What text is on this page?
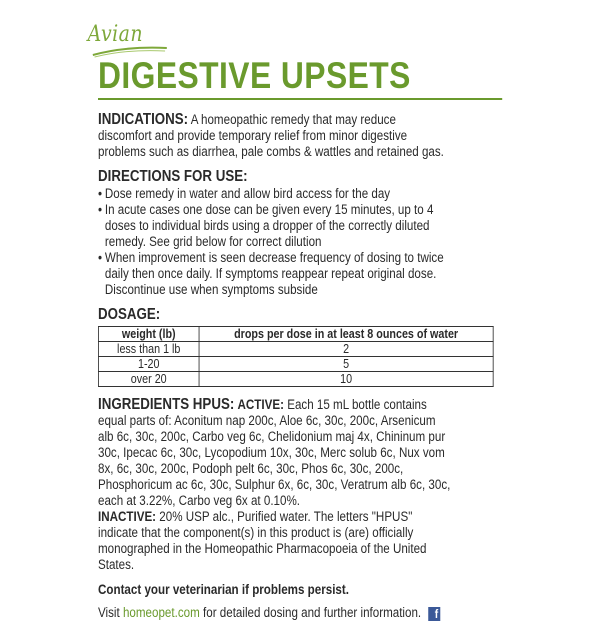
Avian
DIGESTIVE UPSETS
INDICATIONS: A homeopathic remedy that may reduce discomfort and provide temporary relief from minor digestive problems such as diarrhea, pale combs & wattles and retained gas.
DIRECTIONS FOR USE:
• Dose remedy in water and allow bird access for the day
• In acute cases one dose can be given every 15 minutes, up to 4 doses to individual birds using a dropper of the correctly diluted remedy. See grid below for correct dilution
• When improvement is seen decrease frequency of dosing to twice daily then once daily. If symptoms reappear repeat original dose. Discontinue use when symptoms subside
DOSAGE:
weight (lb)	drops per dose in at least 8 ounces of water
less than 1 lb	2
1-20	5
over 20	10
INGREDIENTS HPUS: ACTIVE: Each 15 mL bottle contains equal parts of: Aconitum nap 200c, Aloe 6c, 30c, 200c, Arsenicum alb 6c, 30c, 200c, Carbo veg 6c, Chelidonium maj 4x, Chininum pur 30c, Ipecac 6c, 30c, Lycopodium 10x, 30c, Merc solub 6c, Nux vom 8x, 6c, 30c, 200c, Podoph pelt 6c, 30c, Phos 6c, 30c, 200c, Phosphoricum ac 6c, 30c, Sulphur 6x, 6c, 30c, Veratrum alb 6c, 30c, each at 3.22%, Carbo veg 6x at 0.10%.
INACTIVE: 20% USP alc., Purified water. The letters "HPUS" indicate that the component(s) in this product is (are) officially monographed in the Homeopathic Pharmacopoeia of the United States.
Contact your veterinarian if problems persist.
Visit homeopet.com for detailed dosing and further information. f
